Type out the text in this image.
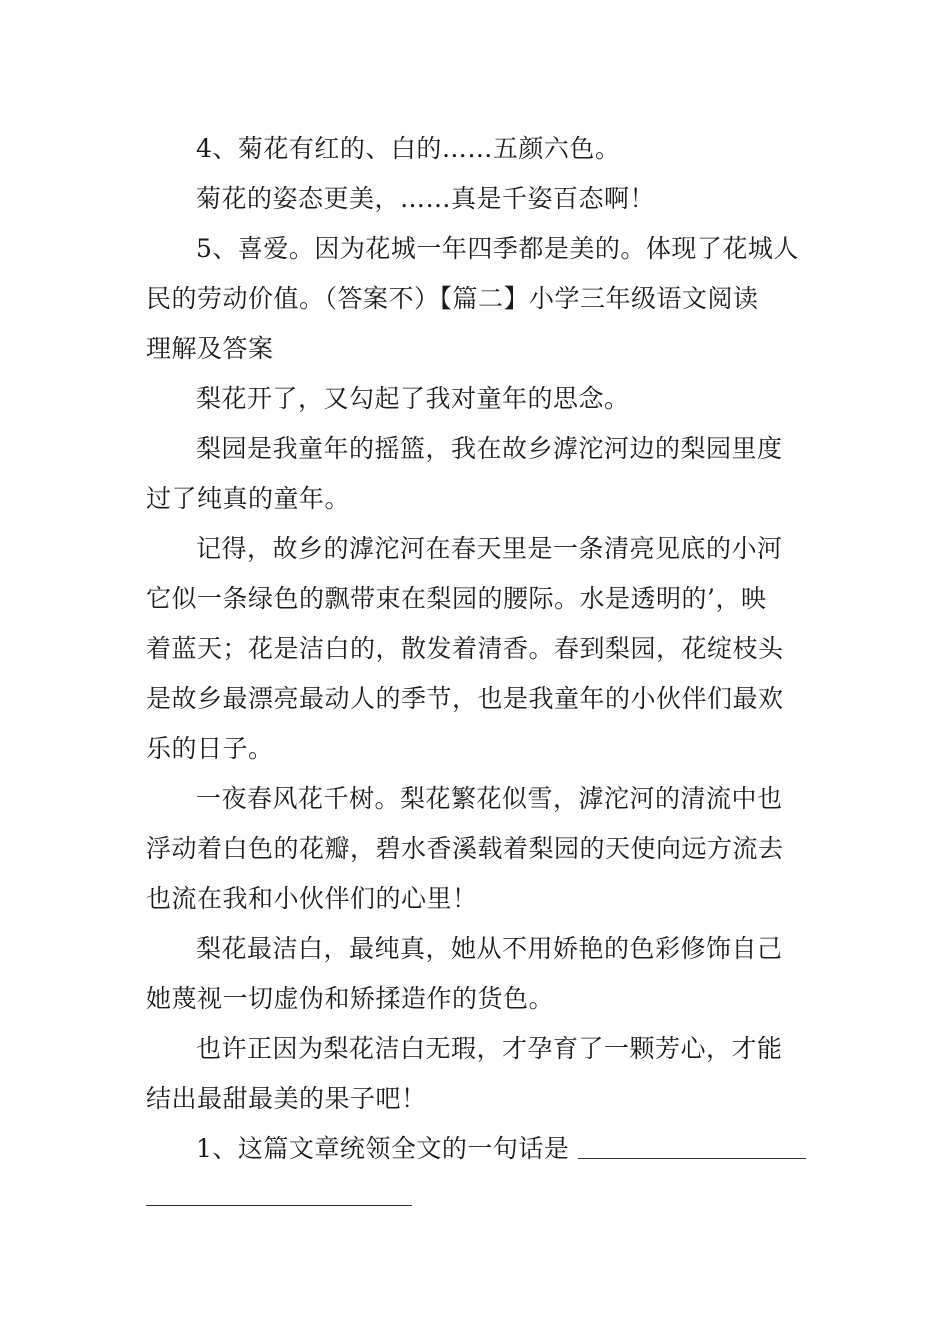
4、菊花有红的、白的……五颜六色。
菊花的姿态更美，……真是千姿百态啊！
5、喜爱。因为花城一年四季都是美的。体现了花城人
民的劳动价值。（答案不）【篇二】小学三年级语文阅读
理解及答案
梨花开了，又勾起了我对童年的思念。
梨园是我童年的摇篮，我在故乡滹沱河边的梨园里度
过了纯真的童年。
记得，故乡的滹沱河在春天里是一条清亮见底的小河
它似一条绿色的飘带束在梨园的腰际。水是透明的’，映
着蓝天；花是洁白的，散发着清香。春到梨园，花绽枝头
是故乡最漂亮最动人的季节，也是我童年的小伙伴们最欢
乐的日子。
一夜春风花千树。梨花繁花似雪，滹沱河的清流中也
浮动着白色的花瓣，碧水香溪载着梨园的天使向远方流去
也流在我和小伙伴们的心里！
梨花最洁白，最纯真，她从不用娇艳的色彩修饰自己
她蔑视一切虚伪和矫揉造作的货色。
也许正因为梨花洁白无瑕，才孕育了一颗芳心，才能
结出最甜最美的果子吧！
1、这篇文章统领全文的一句话是
